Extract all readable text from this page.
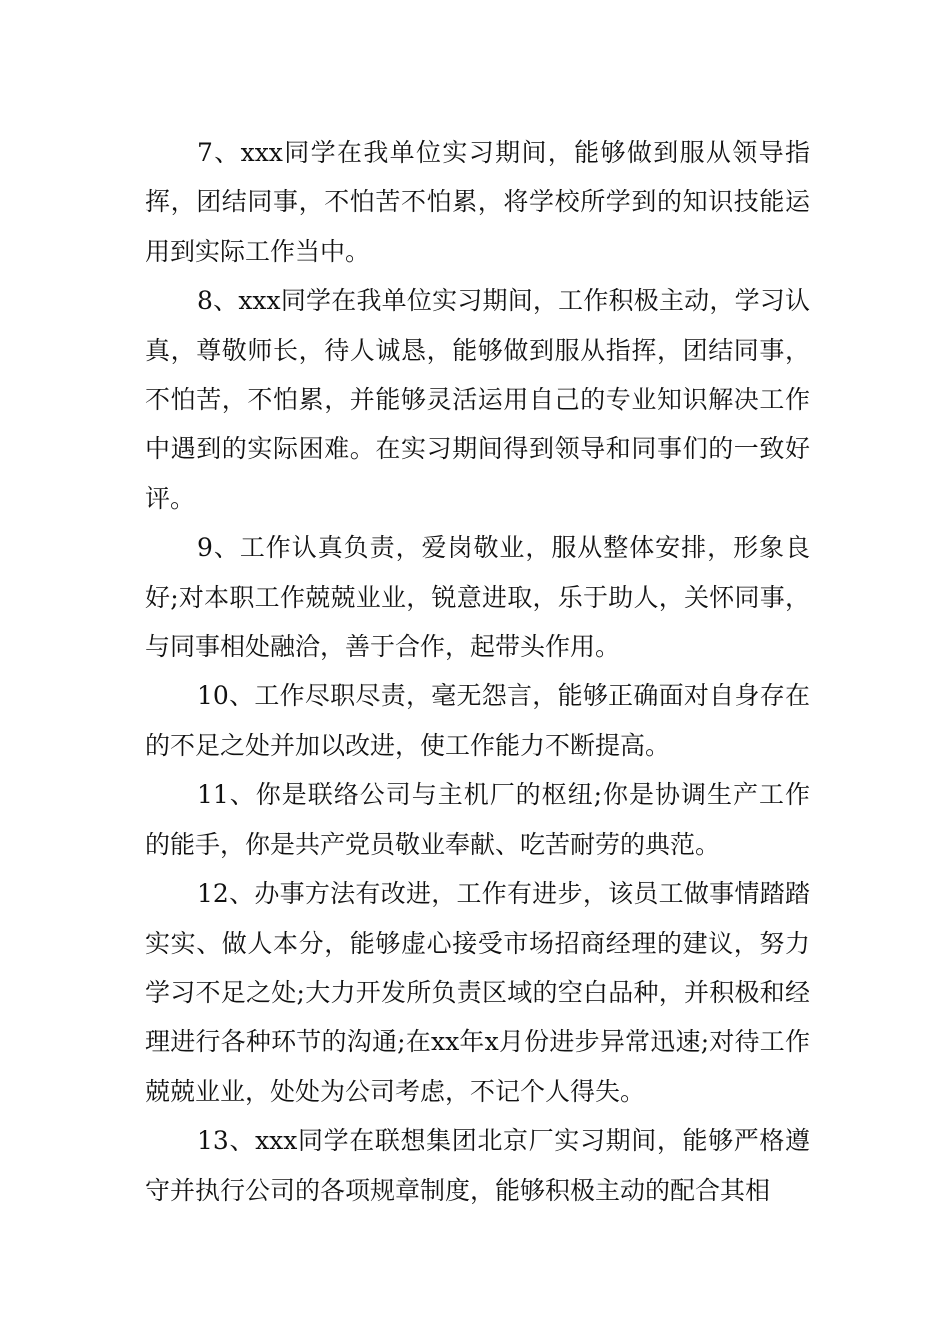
7、xxx同学在我单位实习期间，能够做到服从领导指挥，团结同事，不怕苦不怕累，将学校所学到的知识技能运用到实际工作当中。

8、xxx同学在我单位实习期间，工作积极主动，学习认真，尊敬师长，待人诚恳，能够做到服从指挥，团结同事，不怕苦，不怕累，并能够灵活运用自己的专业知识解决工作中遇到的实际困难。在实习期间得到领导和同事们的一致好评。

9、工作认真负责，爱岗敬业，服从整体安排，形象良好;对本职工作兢兢业业，锐意进取，乐于助人，关怀同事，与同事相处融洽，善于合作，起带头作用。

10、工作尽职尽责，毫无怨言，能够正确面对自身存在的不足之处并加以改进，使工作能力不断提高。

11、你是联络公司与主机厂的枢纽;你是协调生产工作的能手，你是共产党员敬业奉献、吃苦耐劳的典范。

12、办事方法有改进，工作有进步，该员工做事情踏踏实实、做人本分，能够虚心接受市场招商经理的建议，努力学习不足之处;大力开发所负责区域的空白品种，并积极和经理进行各种环节的沟通;在xx年x月份进步异常迅速;对待工作兢兢业业，处处为公司考虑，不记个人得失。

13、xxx同学在联想集团北京厂实习期间，能够严格遵守并执行公司的各项规章制度，能够积极主动的配合其相
